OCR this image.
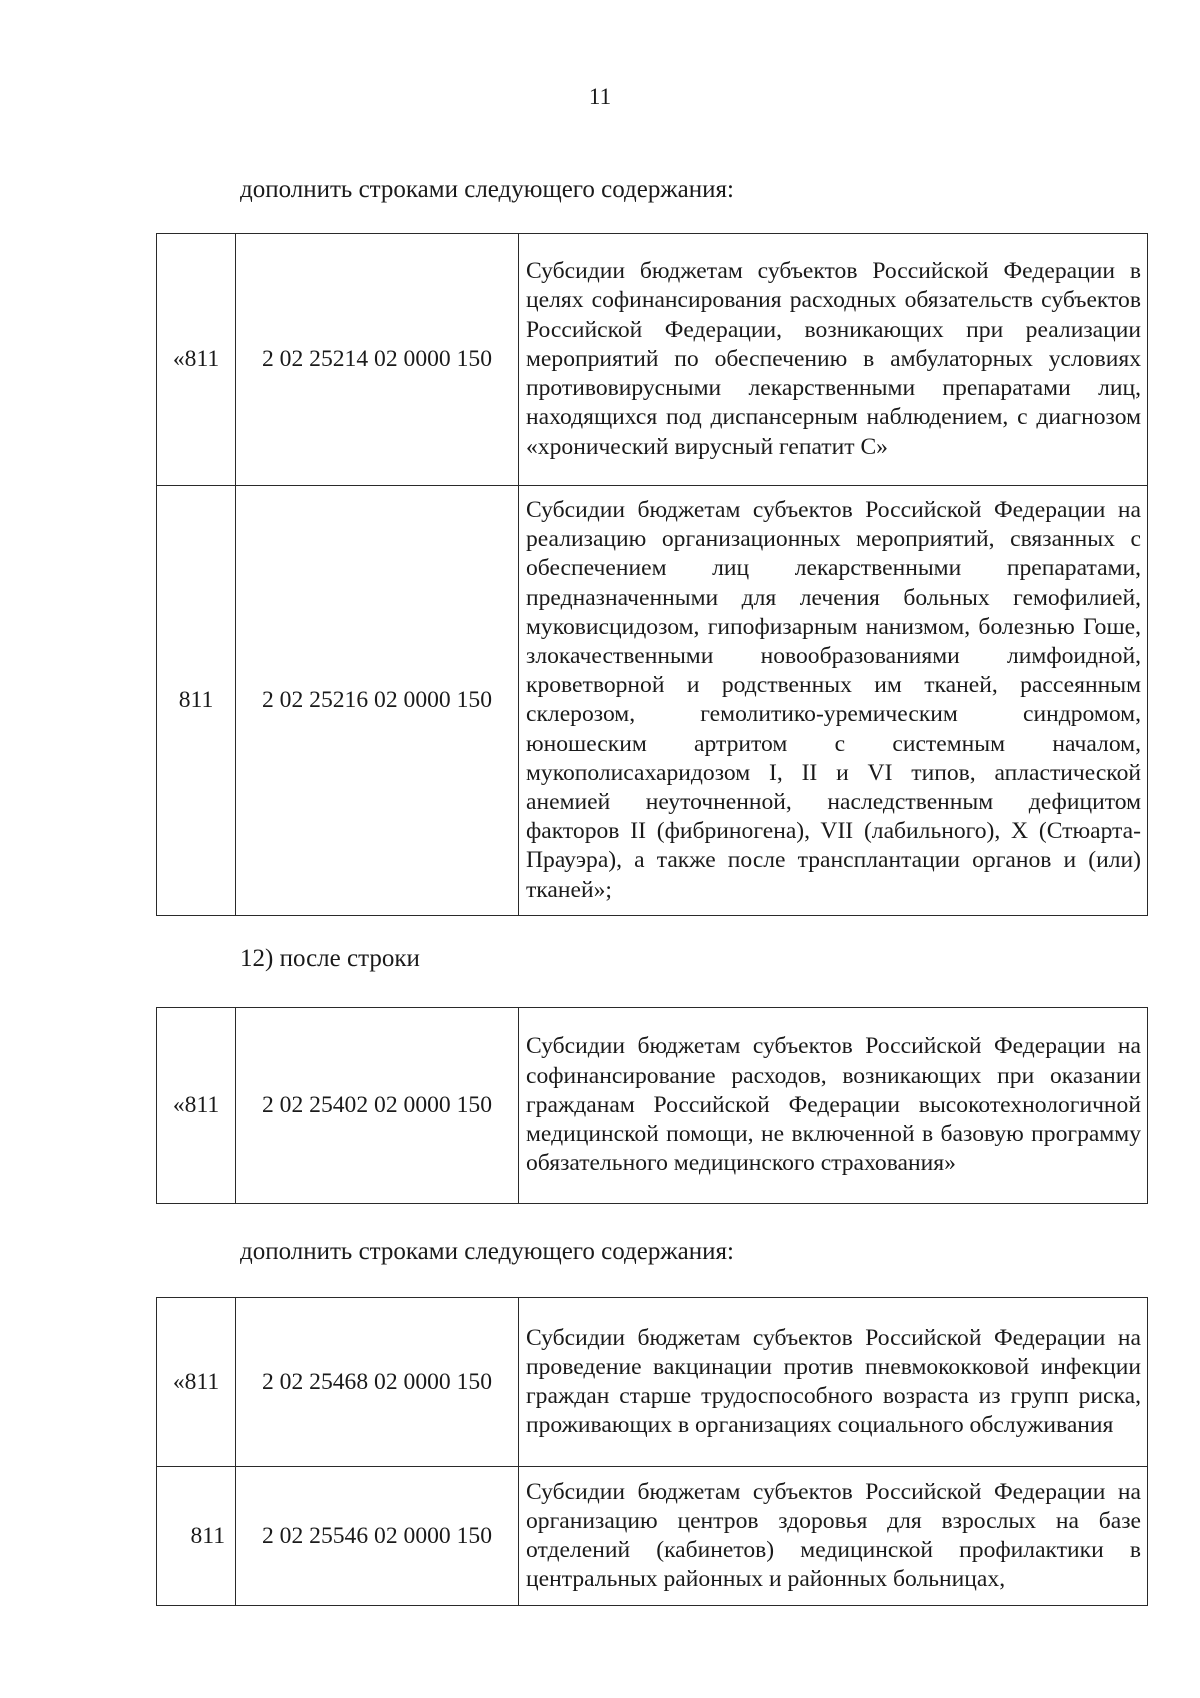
11

дополнить строками следующего содержания:

«811	2 02 25214 02 0000 150	Субсидии бюджетам субъектов Российской Федерации в целях софинансирования расходных обязательств субъектов Российской Федерации, возникающих при реализации мероприятий по обеспечению в амбулаторных условиях противовирусными лекарственными препаратами лиц, находящихся под диспансерным наблюдением, с диагнозом «хронический вирусный гепатит С»
811	2 02 25216 02 0000 150	Субсидии бюджетам субъектов Российской Федерации на реализацию организационных мероприятий, связанных с обеспечением лиц лекарственными препаратами, предназначенными для лечения больных гемофилией, муковисцидозом, гипофизарным нанизмом, болезнью Гоше, злокачественными новообразованиями лимфоидной, кроветворной и родственных им тканей, рассеянным склерозом, гемолитико-уремическим синдромом, юношеским артритом с системным началом, мукополисахаридозом I, II и VI типов, апластической анемией неуточненной, наследственным дефицитом факторов II (фибриногена), VII (лабильного), X (Стюарта-Прауэра), а также после трансплантации органов и (или) тканей»;

12) после строки

«811	2 02 25402 02 0000 150	Субсидии бюджетам субъектов Российской Федерации на софинансирование расходов, возникающих при оказании гражданам Российской Федерации высокотехнологичной медицинской помощи, не включенной в базовую программу обязательного медицинского страхования»

дополнить строками следующего содержания:

«811	2 02 25468 02 0000 150	Субсидии бюджетам субъектов Российской Федерации на проведение вакцинации против пневмококковой инфекции граждан старше трудоспособного возраста из групп риска, проживающих в организациях социального обслуживания
811	2 02 25546 02 0000 150	Субсидии бюджетам субъектов Российской Федерации на организацию центров здоровья для взрослых на базе отделений (кабинетов) медицинской профилактики в центральных районных и районных больницах,
